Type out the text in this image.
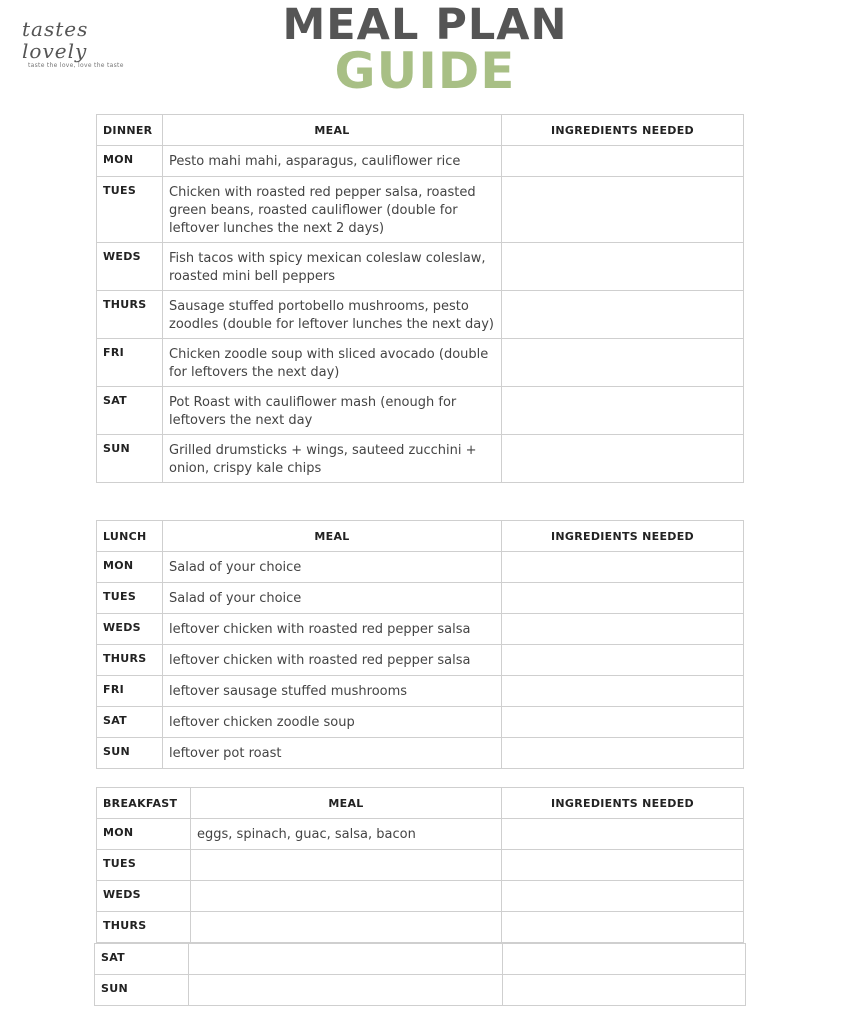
tastes lovely
taste the love, love the taste
MEAL PLAN
GUIDE
DINNER	MEAL	INGREDIENTS NEEDED
MON	Pesto mahi mahi, asparagus, cauliflower rice	
TUES	Chicken with roasted red pepper salsa, roasted green beans, roasted cauliflower (double for leftover lunches the next 2 days)	
WEDS	Fish tacos with spicy mexican coleslaw coleslaw, roasted mini bell peppers	
THURS	Sausage stuffed portobello mushrooms, pesto zoodles (double for leftover lunches the next day)	
FRI	Chicken zoodle soup with sliced avocado (double for leftovers the next day)	
SAT	Pot Roast with cauliflower mash (enough for leftovers the next day	
SUN	Grilled drumsticks + wings, sauteed zucchini + onion, crispy kale chips	
LUNCH	MEAL	INGREDIENTS NEEDED
MON	Salad of your choice	
TUES	Salad of your choice	
WEDS	leftover chicken with roasted red pepper salsa	
THURS	leftover chicken with roasted red pepper salsa	
FRI	leftover sausage stuffed mushrooms	
SAT	leftover chicken zoodle soup	
SUN	leftover pot roast	
BREAKFAST	MEAL	INGREDIENTS NEEDED
MON	eggs, spinach, guac, salsa, bacon	
TUES		
WEDS		
THURS		
SAT		
SUN		
